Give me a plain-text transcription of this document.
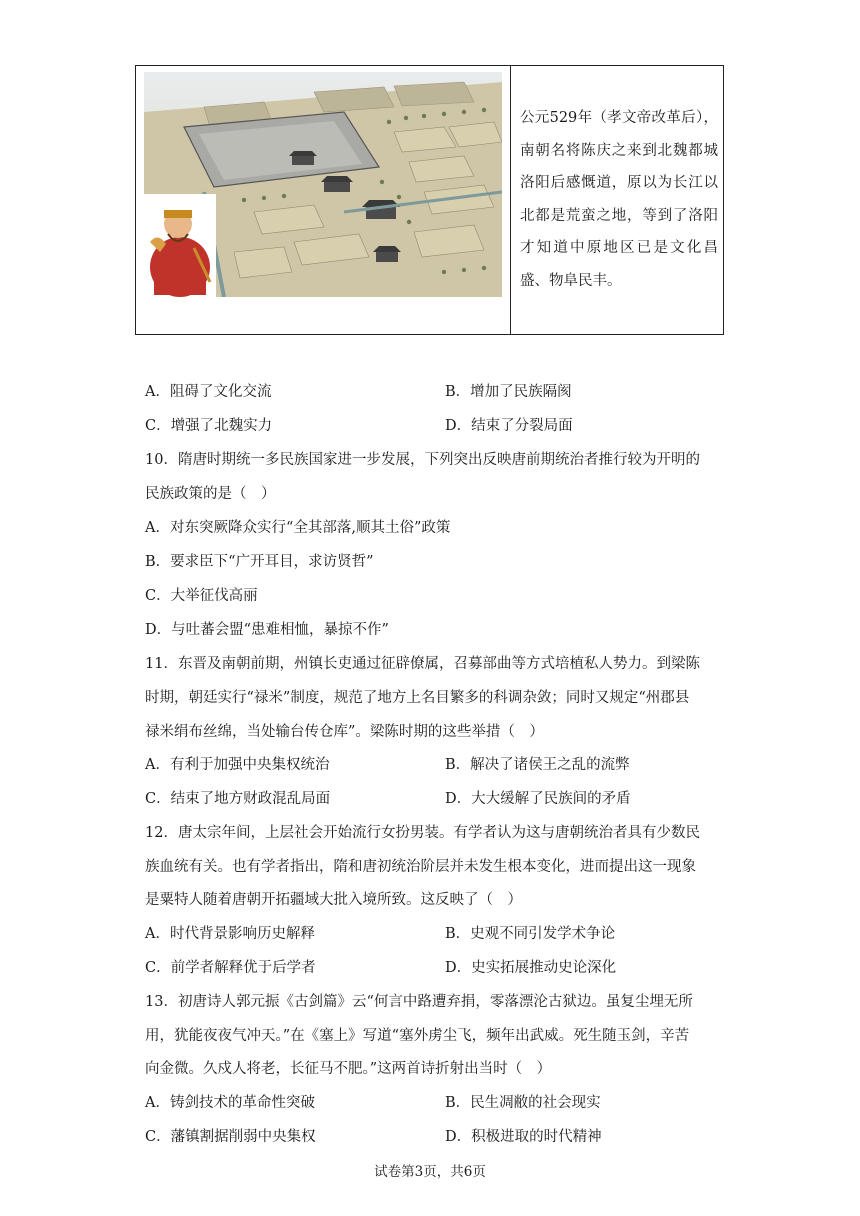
公元529年（孝文帝改革后），南朝名将陈庆之来到北魏都城洛阳后感慨道，原以为长江以北都是荒蛮之地，等到了洛阳才知道中原地区已是文化昌盛、物阜民丰。
A．阻碍了文化交流	B．增加了民族隔阂
C．增强了北魏实力	D．结束了分裂局面
10．隋唐时期统一多民族国家进一步发展，下列突出反映唐前期统治者推行较为开明的
民族政策的是（　）
A．对东突厥降众实行“全其部落,顺其土俗”政策
B．要求臣下“广开耳目，求访贤哲”
C．大举征伐高丽
D．与吐蕃会盟“患难相恤，暴掠不作”
11．东晋及南朝前期，州镇长吏通过征辟僚属，召募部曲等方式培植私人势力。到梁陈
时期，朝廷实行“禄米”制度，规范了地方上名目繁多的科调杂敛；同时又规定“州郡县
禄米绢布丝绵，当处输台传仓库”。梁陈时期的这些举措（　）
A．有利于加强中央集权统治	B．解决了诸侯王之乱的流弊
C．结束了地方财政混乱局面	D．大大缓解了民族间的矛盾
12．唐太宗年间，上层社会开始流行女扮男装。有学者认为这与唐朝统治者具有少数民
族血统有关。也有学者指出，隋和唐初统治阶层并未发生根本变化，进而提出这一现象
是粟特人随着唐朝开拓疆域大批入境所致。这反映了（　）
A．时代背景影响历史解释	B．史观不同引发学术争论
C．前学者解释优于后学者	D．史实拓展推动史论深化
13．初唐诗人郭元振《古剑篇》云“何言中路遭弃捐，零落漂沦古狱边。虽复尘埋无所
用，犹能夜夜气冲天。”在《塞上》写道“塞外虏尘飞，频年出武威。死生随玉剑，辛苦
向金微。久戍人将老，长征马不肥。”这两首诗折射出当时（　）
A．铸剑技术的革命性突破	B．民生凋敝的社会现实
C．藩镇割据削弱中央集权	D．积极进取的时代精神
试卷第3页，共6页
